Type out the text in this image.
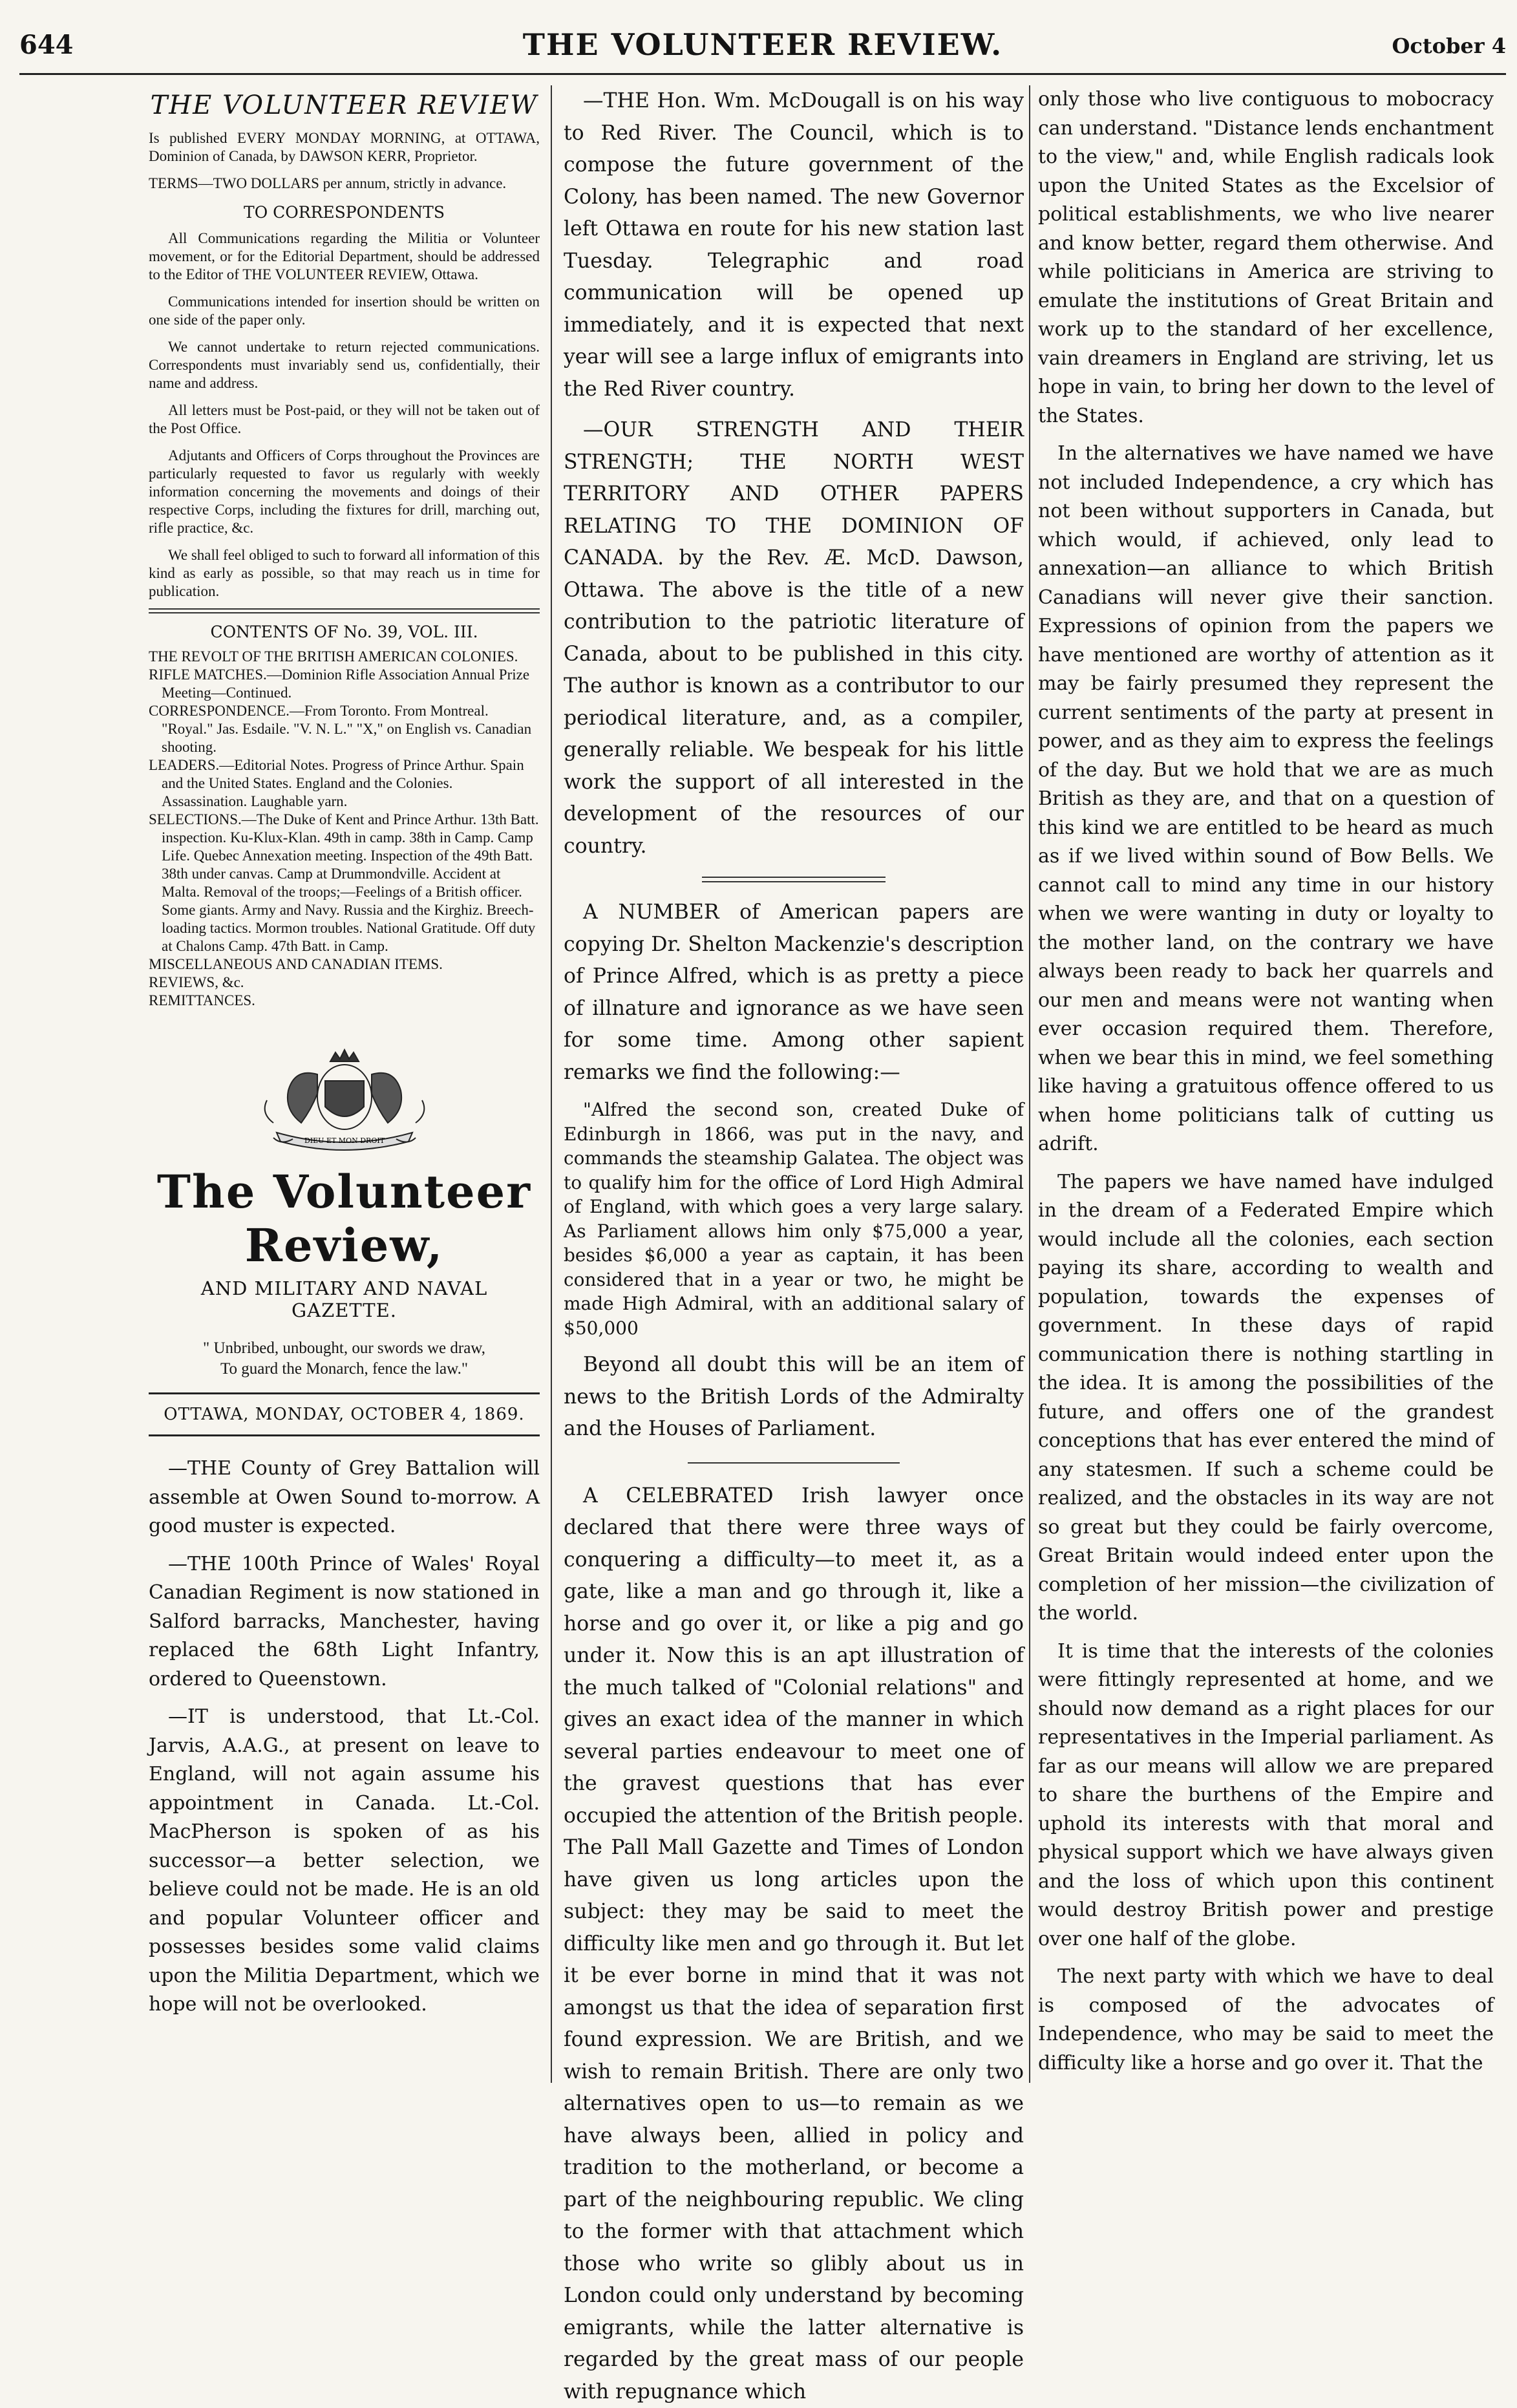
644	THE VOLUNTEER REVIEW.	October 4
THE VOLUNTEER REVIEW

Is published EVERY MONDAY MORNING, at OTTAWA, Dominion of Canada, by DAWSON KERR, Proprietor.

TERMS—TWO DOLLARS per annum, strictly in advance.

TO CORRESPONDENTS

All Communications regarding the Militia or Volunteer movement, or for the Editorial Department, should be addressed to the Editor of THE VOLUNTEER REVIEW, Ottawa.

Communications intended for insertion should be written on one side of the paper only.

We cannot undertake to return rejected communications. Correspondents must invariably send us, confidentially, their name and address.

All letters must be Post-paid, or they will not be taken out of the Post Office.

Adjutants and Officers of Corps throughout the Provinces are particularly requested to favor us regularly with weekly information concerning the movements and doings of their respective Corps, including the fixtures for drill, marching out, rifle practice, &c.

We shall feel obliged to such to forward all information of this kind as early as possible, so that may reach us in time for publication.

CONTENTS OF No. 39, VOL. III.

THE REVOLT OF THE BRITISH AMERICAN COLONIES.

RIFLE MATCHES.—Dominion Rifle Association Annual Prize Meeting—Continued.

CORRESPONDENCE.—From Toronto. From Montreal. "Royal." Jas. Esdaile. "V. N. L." "X," on English vs. Canadian shooting.

LEADERS.—Editorial Notes. Progress of Prince Arthur. Spain and the United States. England and the Colonies. Assassination. Laughable yarn.

SELECTIONS.—The Duke of Kent and Prince Arthur. 13th Batt. inspection. Ku-Klux-Klan. 49th in camp. 38th in Camp. Camp Life. Quebec Annexation meeting. Inspection of the 49th Batt. 38th under canvas. Camp at Drummondville. Accident at Malta. Removal of the troops;—Feelings of a British officer. Some giants. Army and Navy. Russia and the Kirghiz. Breech-loading tactics. Mormon troubles. National Gratitude. Off duty at Chalons Camp. 47th Batt. in Camp.

MISCELLANEOUS AND CANADIAN ITEMS.

REVIEWS, &c.

REMITTANCES.

DIEU ET MON DROIT
The Volunteer Review,
AND MILITARY AND NAVAL GAZETTE.
" Unbribed, unbought, our swords we draw,
To guard the Monarch, fence the law."
OTTAWA, MONDAY, OCTOBER 4, 1869.

—THE County of Grey Battalion will assemble at Owen Sound to-morrow. A good muster is expected.

—THE 100th Prince of Wales' Royal Canadian Regiment is now stationed in Salford barracks, Manchester, having replaced the 68th Light Infantry, ordered to Queenstown.

—IT is understood, that Lt.-Col. Jarvis, A.A.G., at present on leave to England, will not again assume his appointment in Canada. Lt.-Col. MacPherson is spoken of as his successor—a better selection, we believe could not be made. He is an old and popular Volunteer officer and possesses besides some valid claims upon the Militia Department, which we hope will not be overlooked.

—THE Hon. Wm. McDougall is on his way to Red River. The Council, which is to compose the future government of the Colony, has been named. The new Governor left Ottawa en route for his new station last Tuesday. Telegraphic and road communication will be opened up immediately, and it is expected that next year will see a large influx of emigrants into the Red River country.

—OUR STRENGTH AND THEIR STRENGTH; THE NORTH WEST TERRITORY AND OTHER PAPERS RELATING TO THE DOMINION OF CANADA. by the Rev. Æ. McD. Dawson, Ottawa. The above is the title of a new contribution to the patriotic literature of Canada, about to be published in this city. The author is known as a contributor to our periodical literature, and, as a compiler, generally reliable. We bespeak for his little work the support of all interested in the development of the resources of our country.

A NUMBER of American papers are copying Dr. Shelton Mackenzie's description of Prince Alfred, which is as pretty a piece of illnature and ignorance as we have seen for some time. Among other sapient remarks we find the following:—

"Alfred the second son, created Duke of Edinburgh in 1866, was put in the navy, and commands the steamship Galatea. The object was to qualify him for the office of Lord High Admiral of England, with which goes a very large salary. As Parliament allows him only $75,000 a year, besides $6,000 a year as captain, it has been considered that in a year or two, he might be made High Admiral, with an additional salary of $50,000

Beyond all doubt this will be an item of news to the British Lords of the Admiralty and the Houses of Parliament.

A CELEBRATED Irish lawyer once declared that there were three ways of conquering a difficulty—to meet it, as a gate, like a man and go through it, like a horse and go over it, or like a pig and go under it. Now this is an apt illustration of the much talked of "Colonial relations" and gives an exact idea of the manner in which several parties endeavour to meet one of the gravest questions that has ever occupied the attention of the British people. The Pall Mall Gazette and Times of London have given us long articles upon the subject: they may be said to meet the difficulty like men and go through it. But let it be ever borne in mind that it was not amongst us that the idea of separation first found expression. We are British, and we wish to remain British. There are only two alternatives open to us—to remain as we have always been, allied in policy and tradition to the motherland, or become a part of the neighbouring republic. We cling to the former with that attachment which those who write so glibly about us in London could only understand by becoming emigrants, while the latter alternative is regarded by the great mass of our people with repugnance which

only those who live contiguous to mobocracy can understand. "Distance lends enchantment to the view," and, while English radicals look upon the United States as the Excelsior of political establishments, we who live nearer and know better, regard them otherwise. And while politicians in America are striving to emulate the institutions of Great Britain and work up to the standard of her excellence, vain dreamers in England are striving, let us hope in vain, to bring her down to the level of the States.

In the alternatives we have named we have not included Independence, a cry which has not been without supporters in Canada, but which would, if achieved, only lead to annexation—an alliance to which British Canadians will never give their sanction. Expressions of opinion from the papers we have mentioned are worthy of attention as it may be fairly presumed they represent the current sentiments of the party at present in power, and as they aim to express the feelings of the day. But we hold that we are as much British as they are, and that on a question of this kind we are entitled to be heard as much as if we lived within sound of Bow Bells. We cannot call to mind any time in our history when we were wanting in duty or loyalty to the mother land, on the contrary we have always been ready to back her quarrels and our men and means were not wanting when ever occasion required them. Therefore, when we bear this in mind, we feel something like having a gratuitous offence offered to us when home politicians talk of cutting us adrift.

The papers we have named have indulged in the dream of a Federated Empire which would include all the colonies, each section paying its share, according to wealth and population, towards the expenses of government. In these days of rapid communication there is nothing startling in the idea. It is among the possibilities of the future, and offers one of the grandest conceptions that has ever entered the mind of any statesmen. If such a scheme could be realized, and the obstacles in its way are not so great but they could be fairly overcome, Great Britain would indeed enter upon the completion of her mission—the civilization of the world.

It is time that the interests of the colonies were fittingly represented at home, and we should now demand as a right places for our representatives in the Imperial parliament. As far as our means will allow we are prepared to share the burthens of the Empire and uphold its interests with that moral and physical support which we have always given and the loss of which upon this continent would destroy British power and prestige over one half of the globe.

The next party with which we have to deal is composed of the advocates of Independence, who may be said to meet the difficulty like a horse and go over it. That the
